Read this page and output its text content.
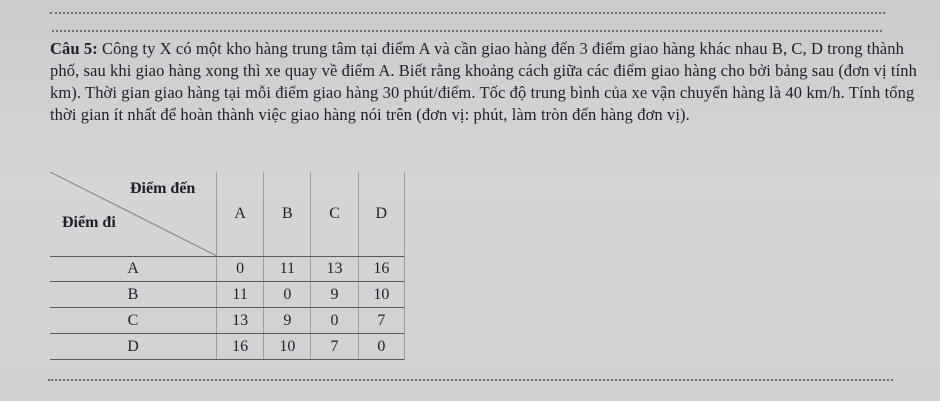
Câu 5: Công ty X có một kho hàng trung tâm tại điểm A và cần giao hàng đến 3 điểm giao hàng khác nhau B, C, D trong thành phố, sau khi giao hàng xong thì xe quay về điểm A. Biết rằng khoảng cách giữa các điểm giao hàng cho bởi bảng sau (đơn vị tính km). Thời gian giao hàng tại mỗi điểm giao hàng 30 phút/điểm. Tốc độ trung bình của xe vận chuyển hàng là 40 km/h. Tính tổng thời gian ít nhất để hoàn thành việc giao hàng nói trên (đơn vị: phút, làm tròn đến hàng đơn vị).

Điểm đến
Điểm đi	A	B	C	D
A	0	11	13	16
B	11	0	9	10
C	13	9	0	7
D	16	10	7	0
